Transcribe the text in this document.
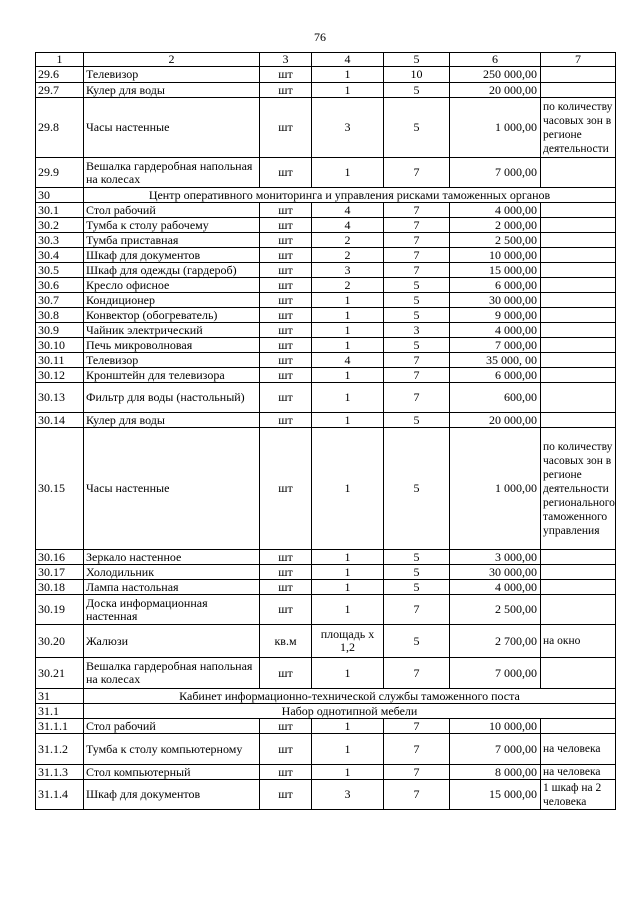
76
1	2	3	4	5	6	7
29.6	Телевизор	шт	1	10	250 000,00	
29.7	Кулер для воды	шт	1	5	20 000,00	
29.8	Часы настенные	шт	3	5	1 000,00	по количеству часовых зон в регионе деятельности
29.9	Вешалка гардеробная напольная на колесах	шт	1	7	7 000,00	
30	Центр оперативного мониторинга и управления рисками таможенных органов					
30.1	Стол рабочий	шт	4	7	4 000,00	
30.2	Тумба к столу рабочему	шт	4	7	2 000,00	
30.3	Тумба приставная	шт	2	7	2 500,00	
30.4	Шкаф для документов	шт	2	7	10 000,00	
30.5	Шкаф для одежды (гардероб)	шт	3	7	15 000,00	
30.6	Кресло офисное	шт	2	5	6 000,00	
30.7	Кондиционер	шт	1	5	30 000,00	
30.8	Конвектор (обогреватель)	шт	1	5	9 000,00	
30.9	Чайник электрический	шт	1	3	4 000,00	
30.10	Печь микроволновая	шт	1	5	7 000,00	
30.11	Телевизор	шт	4	7	35 000, 00	
30.12	Кронштейн для телевизора	шт	1	7	6 000,00	
30.13	Фильтр для воды (настольный)	шт	1	7	600,00	
30.14	Кулер для воды	шт	1	5	20 000,00	
30.15	Часы настенные	шт	1	5	1 000,00	по количеству часовых зон в регионе деятельности регионального таможенного управления
30.16	Зеркало настенное	шт	1	5	3 000,00	
30.17	Холодильник	шт	1	5	30 000,00	
30.18	Лампа настольная	шт	1	5	4 000,00	
30.19	Доска информационная настенная	шт	1	7	2 500,00	
30.20	Жалюзи	кв.м	площадь х 1,2	5	2 700,00	на окно
30.21	Вешалка гардеробная напольная на колесах	шт	1	7	7 000,00	
31	Кабинет информационно-технической службы таможенного поста					
31.1	Набор однотипной мебели					
31.1.1	Стол рабочий	шт	1	7	10 000,00	
31.1.2	Тумба к столу компьютерному	шт	1	7	7 000,00	на человека
31.1.3	Стол компьютерный	шт	1	7	8 000,00	на человека
31.1.4	Шкаф для документов	шт	3	7	15 000,00	1 шкаф на 2 человека
